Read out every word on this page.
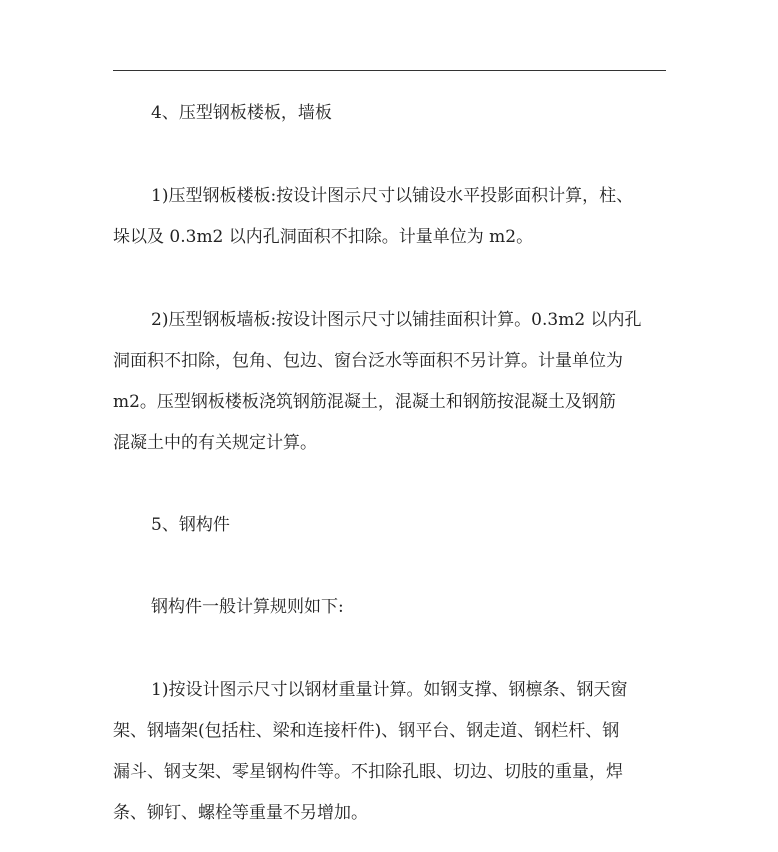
4、压型钢板楼板，墙板

1)压型钢板楼板:按设计图示尺寸以铺设水平投影面积计算，柱、
垛以及 0.3m2 以内孔洞面积不扣除。计量单位为 m2。

2)压型钢板墙板:按设计图示尺寸以铺挂面积计算。0.3m2 以内孔
洞面积不扣除，包角、包边、窗台泛水等面积不另计算。计量单位为
m2。压型钢板楼板浇筑钢筋混凝土，混凝土和钢筋按混凝土及钢筋
混凝土中的有关规定计算。

5、钢构件

钢构件一般计算规则如下:

1)按设计图示尺寸以钢材重量计算。如钢支撑、钢檩条、钢天窗
架、钢墙架(包括柱、梁和连接杆件)、钢平台、钢走道、钢栏杆、钢
漏斗、钢支架、零星钢构件等。不扣除孔眼、切边、切肢的重量，焊
条、铆钉、螺栓等重量不另增加。
